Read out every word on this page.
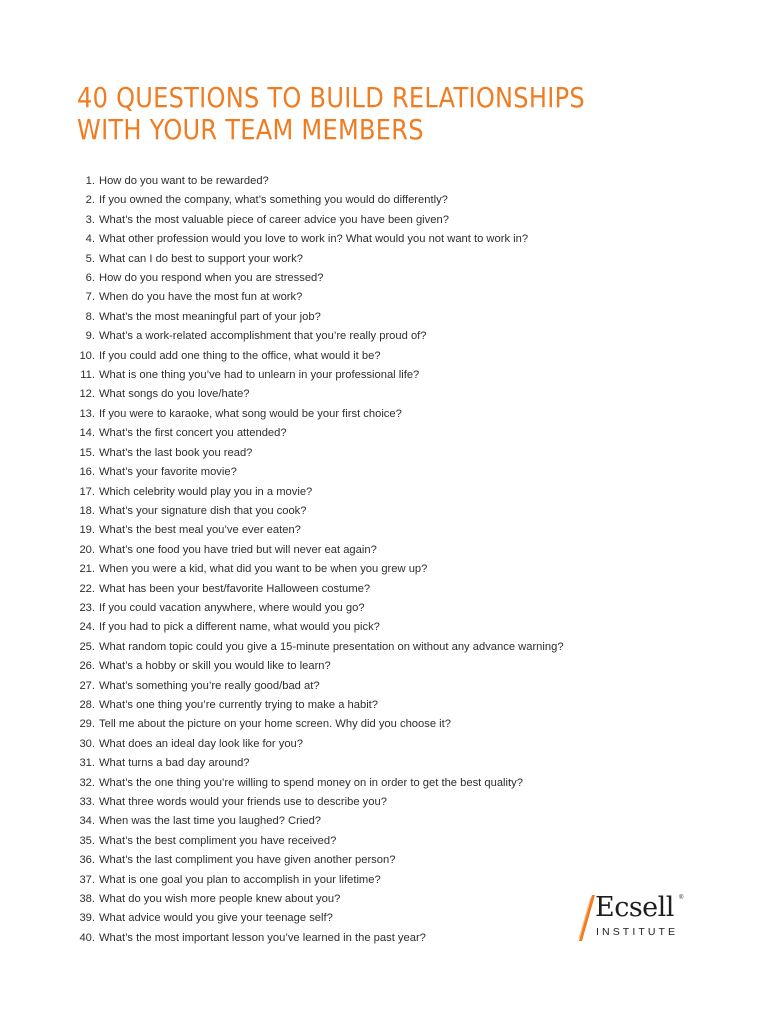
40 QUESTIONS TO BUILD RELATIONSHIPS
WITH YOUR TEAM MEMBERS
1. How do you want to be rewarded?
2. If you owned the company, what’s something you would do differently?
3. What’s the most valuable piece of career advice you have been given?
4. What other profession would you love to work in? What would you not want to work in?
5. What can I do best to support your work?
6. How do you respond when you are stressed?
7. When do you have the most fun at work?
8. What’s the most meaningful part of your job?
9. What’s a work-related accomplishment that you’re really proud of?
10. If you could add one thing to the office, what would it be?
11. What is one thing you’ve had to unlearn in your professional life?
12. What songs do you love/hate?
13. If you were to karaoke, what song would be your first choice?
14. What’s the first concert you attended?
15. What’s the last book you read?
16. What’s your favorite movie?
17. Which celebrity would play you in a movie?
18. What’s your signature dish that you cook?
19. What’s the best meal you’ve ever eaten?
20. What’s one food you have tried but will never eat again?
21. When you were a kid, what did you want to be when you grew up?
22. What has been your best/favorite Halloween costume?
23. If you could vacation anywhere, where would you go?
24. If you had to pick a different name, what would you pick?
25. What random topic could you give a 15-minute presentation on without any advance warning?
26. What’s a hobby or skill you would like to learn?
27. What’s something you’re really good/bad at?
28. What’s one thing you’re currently trying to make a habit?
29. Tell me about the picture on your home screen. Why did you choose it?
30. What does an ideal day look like for you?
31. What turns a bad day around?
32. What’s the one thing you’re willing to spend money on in order to get the best quality?
33. What three words would your friends use to describe you?
34. When was the last time you laughed? Cried?
35. What’s the best compliment you have received?
36. What’s the last compliment you have given another person?
37. What is one goal you plan to accomplish in your lifetime?
38. What do you wish more people knew about you?
39. What advice would you give your teenage self?
40. What’s the most important lesson you’ve learned in the past year?
Ecsell ®
INSTITUTE
